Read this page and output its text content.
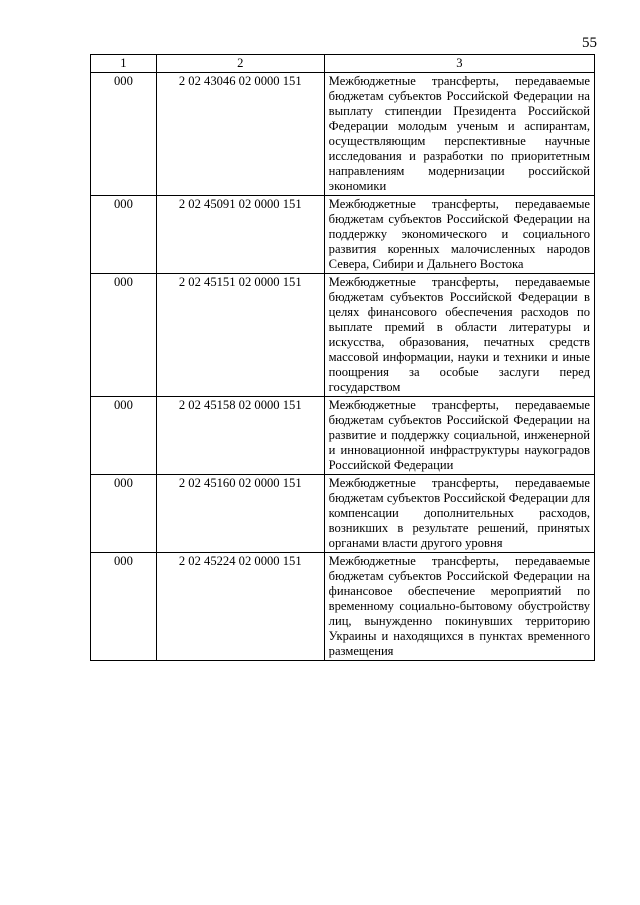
55
1	2	3
000	2 02 43046 02 0000 151	Межбюджетные трансферты, передаваемые бюджетам субъектов Российской Федерации на выплату стипендии Президента Российской Федерации молодым ученым и аспирантам, осуществляющим перспективные научные исследования и разработки по приоритетным направлениям модернизации российской экономики
000	2 02 45091 02 0000 151	Межбюджетные трансферты, передаваемые бюджетам субъектов Российской Федерации на поддержку экономического и социального развития коренных малочисленных народов Севера, Сибири и Дальнего Востока
000	2 02 45151 02 0000 151	Межбюджетные трансферты, передаваемые бюджетам субъектов Российской Федерации в целях финансового обеспечения расходов по выплате премий в области литературы и искусства, образования, печатных средств массовой информации, науки и техники и иные поощрения за особые заслуги перед государством
000	2 02 45158 02 0000 151	Межбюджетные трансферты, передаваемые бюджетам субъектов Российской Федерации на развитие и поддержку социальной, инженерной и инновационной инфраструктуры наукоградов Российской Федерации
000	2 02 45160 02 0000 151	Межбюджетные трансферты, передаваемые бюджетам субъектов Российской Федерации для компенсации дополнительных расходов, возникших в результате решений, принятых органами власти другого уровня
000	2 02 45224 02 0000 151	Межбюджетные трансферты, передаваемые бюджетам субъектов Российской Федерации на финансовое обеспечение мероприятий по временному социально-бытовому обустройству лиц, вынужденно покинувших территорию Украины и находящихся в пунктах временного размещения
